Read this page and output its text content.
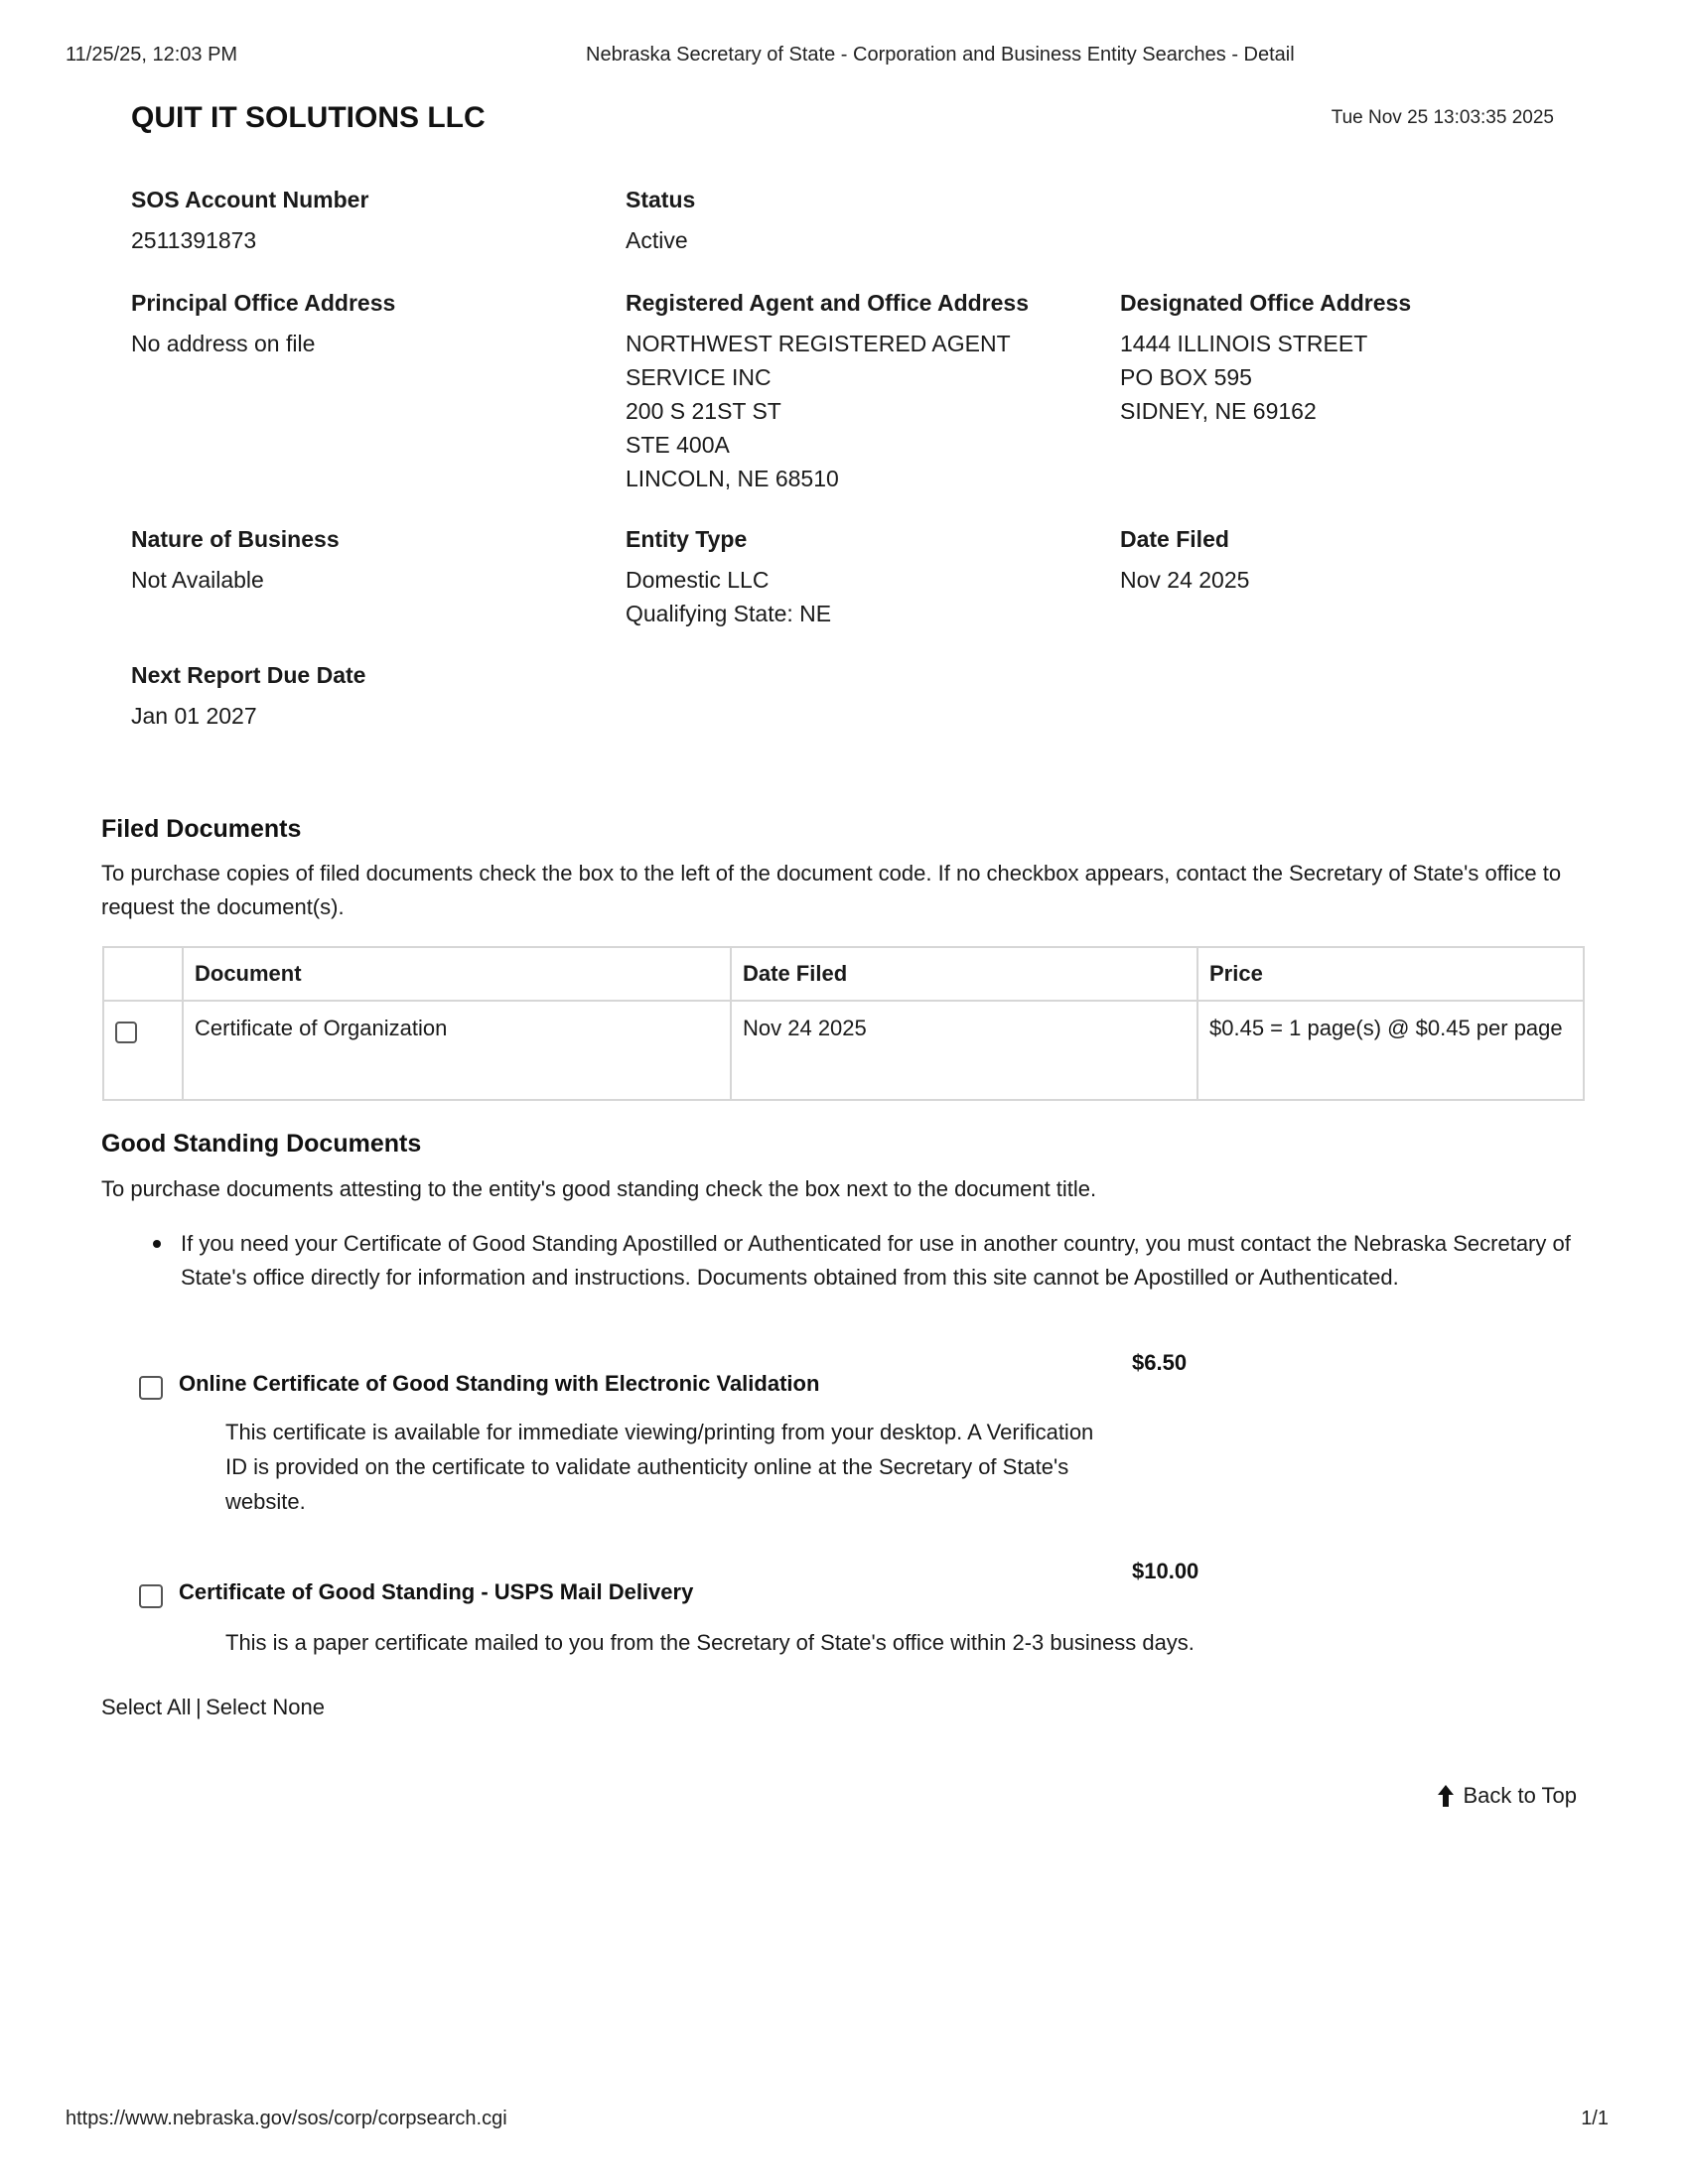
11/25/25, 12:03 PM	Nebraska Secretary of State - Corporation and Business Entity Searches - Detail
QUIT IT SOLUTIONS LLC	Tue Nov 25 13:03:35 2025
SOS Account Number
2511391873
Status
Active
Principal Office Address
No address on file
Registered Agent and Office Address
NORTHWEST REGISTERED AGENT
SERVICE INC
200 S 21ST ST
STE 400A
LINCOLN, NE 68510
Designated Office Address
1444 ILLINOIS STREET
PO BOX 595
SIDNEY, NE 69162
Nature of Business
Not Available
Entity Type
Domestic LLC
Qualifying State: NE
Date Filed
Nov 24 2025
Next Report Due Date
Jan 01 2027
Filed Documents
To purchase copies of filed documents check the box to the left of the document code. If no checkbox appears, contact the Secretary of State's office to request the document(s).
	Document	Date Filed	Price
	Certificate of Organization	Nov 24 2025	$0.45 = 1 page(s) @ $0.45 per page
Good Standing Documents
To purchase documents attesting to the entity's good standing check the box next to the document title.
If you need your Certificate of Good Standing Apostilled or Authenticated for use in another country, you must contact the Nebraska Secretary of State's office directly for information and instructions. Documents obtained from this site cannot be Apostilled or Authenticated.
Online Certificate of Good Standing with Electronic Validation
$6.50
This certificate is available for immediate viewing/printing from your desktop. A Verification ID is provided on the certificate to validate authenticity online at the Secretary of State's website.
Certificate of Good Standing - USPS Mail Delivery
$10.00
This is a paper certificate mailed to you from the Secretary of State's office within 2-3 business days.
Select All | Select None
Back to Top
https://www.nebraska.gov/sos/corp/corpsearch.cgi	1/1
